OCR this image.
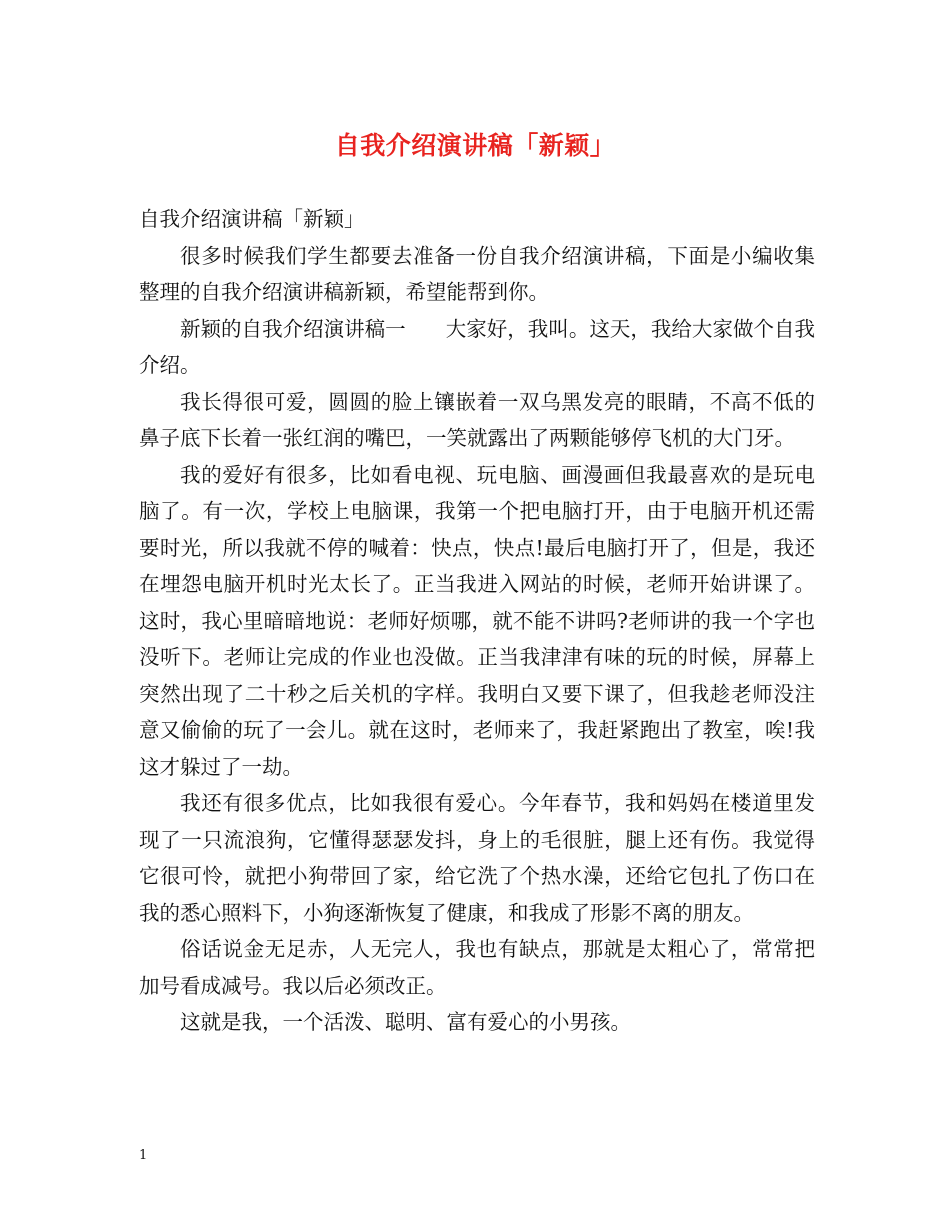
自我介绍演讲稿「新颖」

自我介绍演讲稿「新颖」

很多时候我们学生都要去准备一份自我介绍演讲稿，下面是小编收集整理的自我介绍演讲稿新颖，希望能帮到你。

新颖的自我介绍演讲稿一 大家好，我叫。这天，我给大家做个自我介绍。

我长得很可爱，圆圆的脸上镶嵌着一双乌黑发亮的眼睛，不高不低的鼻子底下长着一张红润的嘴巴，一笑就露出了两颗能够停飞机的大门牙。

我的爱好有很多，比如看电视、玩电脑、画漫画但我最喜欢的是玩电脑了。有一次，学校上电脑课，我第一个把电脑打开，由于电脑开机还需要时光，所以我就不停的喊着：快点，快点!最后电脑打开了，但是，我还在埋怨电脑开机时光太长了。正当我进入网站的时候，老师开始讲课了。这时，我心里暗暗地说：老师好烦哪，就不能不讲吗?老师讲的我一个字也没听下。老师让完成的作业也没做。正当我津津有味的玩的时候，屏幕上突然出现了二十秒之后关机的字样。我明白又要下课了，但我趁老师没注意又偷偷的玩了一会儿。就在这时，老师来了，我赶紧跑出了教室，唉!我这才躲过了一劫。

我还有很多优点，比如我很有爱心。今年春节，我和妈妈在楼道里发现了一只流浪狗，它懂得瑟瑟发抖，身上的毛很脏，腿上还有伤。我觉得它很可怜，就把小狗带回了家，给它洗了个热水澡，还给它包扎了伤口在我的悉心照料下，小狗逐渐恢复了健康，和我成了形影不离的朋友。

俗话说金无足赤，人无完人，我也有缺点，那就是太粗心了，常常把加号看成减号。我以后必须改正。

这就是我，一个活泼、聪明、富有爱心的小男孩。

1
